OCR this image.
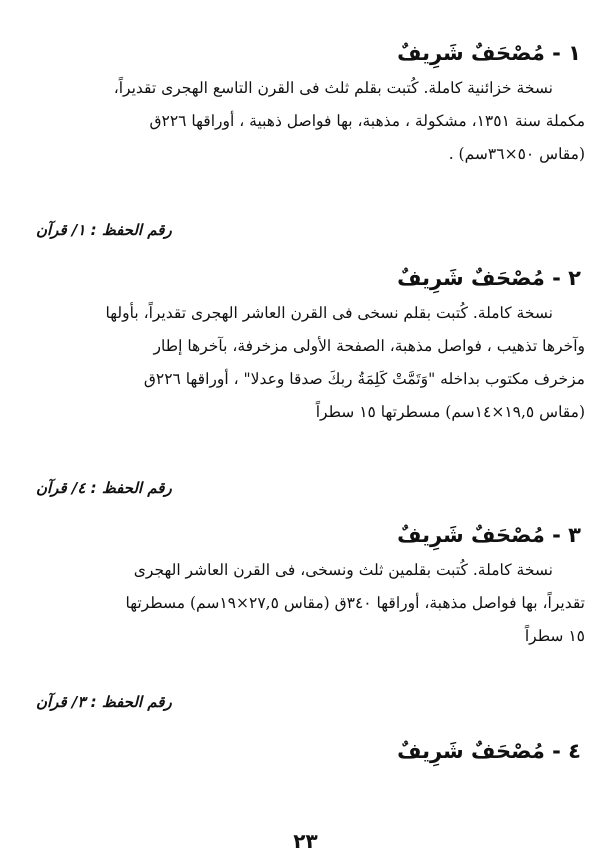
١ - مُصْحَفٌ شَرِيفٌ

نسخة خزائنية كاملة. كُتبت بقلم ثلث فى القرن التاسع الهجرى تقديراً،

مكملة سنة ١٣٥١، مشكولة ، مذهبة، بها فواصل ذهبية ، أوراقها ٢٢٦ق

(مقاس ٥٠×٣٦سم) .

رقم الحفظ : ١/ قرآن

٢ - مُصْحَفٌ شَرِيفٌ

نسخة كاملة. كُتبت بقلم نسخى فى القرن العاشر الهجرى تقديراً، بأولها

وآخرها تذهيب ، فواصل مذهبة، الصفحة الأولى مزخرفة، بآخرها إطار

مزخرف مكتوب بداخله "وَتَمَّتْ كَلِمَةُ ربكَ صدقا وعدلا" ، أوراقها ٢٢٦ق

(مقاس ١٩,٥×١٤سم) مسطرتها ١٥ سطراً

رقم الحفظ : ٤/ قرآن

٣ - مُصْحَفٌ شَرِيفٌ

نسخة كاملة. كُتبت بقلمين ثلث ونسخى، فى القرن العاشر الهجرى

تقديراً، بها فواصل مذهبة، أوراقها ٣٤٠ق (مقاس ٢٧,٥×١٩سم) مسطرتها

١٥ سطراً

رقم الحفظ : ٣/ قرآن

٤ - مُصْحَفٌ شَرِيفٌ
٢٣
